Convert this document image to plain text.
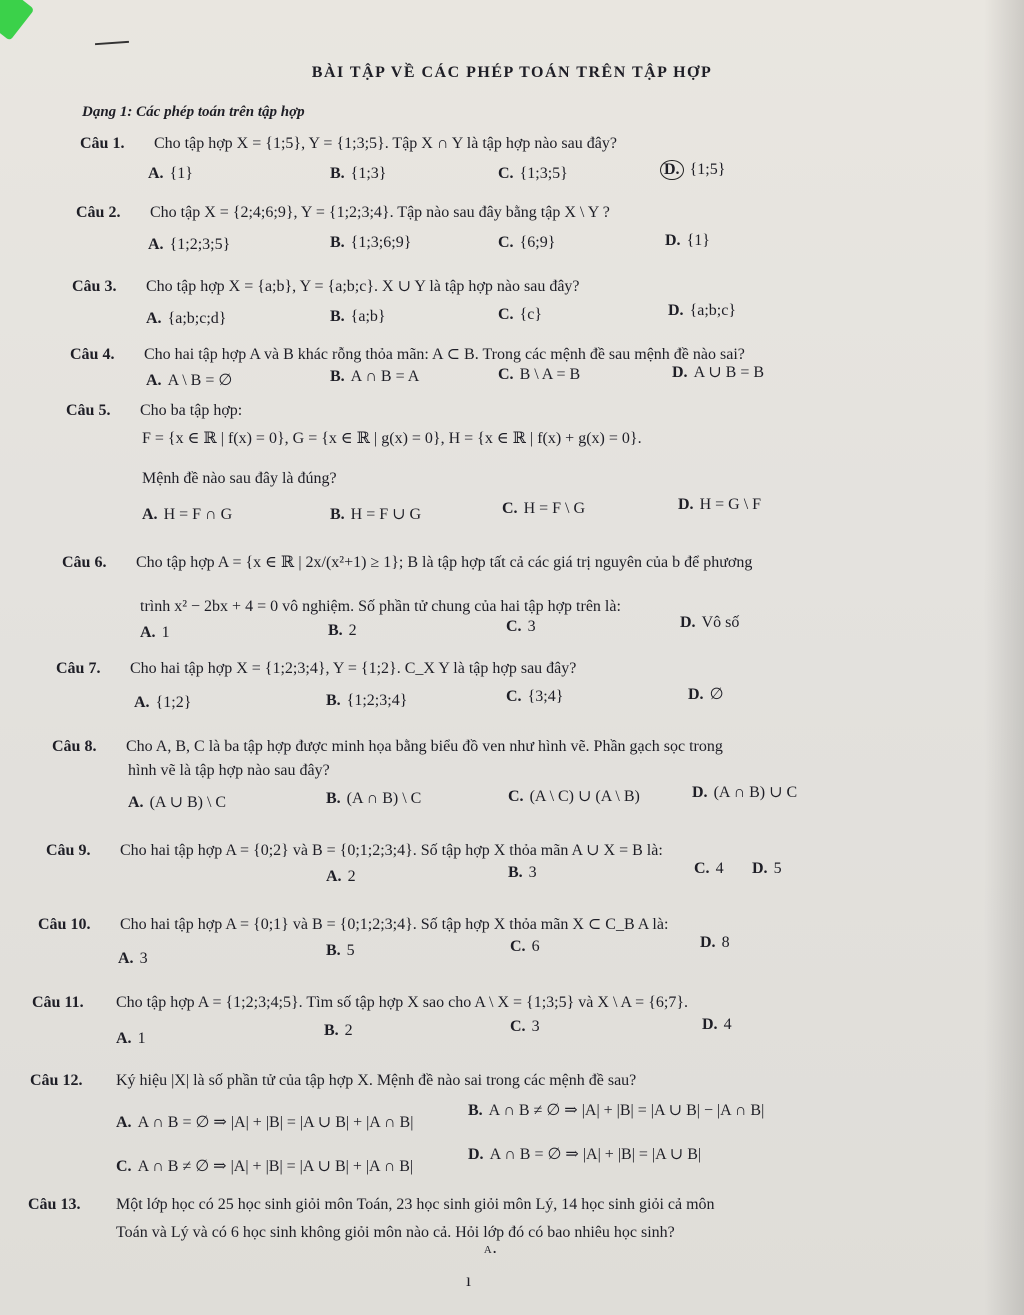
BÀI TẬP VỀ CÁC PHÉP TOÁN TRÊN TẬP HỢP
Dạng 1: Các phép toán trên tập hợp
Câu 1. Cho tập hợp X = {1;5}, Y = {1;3;5}. Tập X ∩ Y là tập hợp nào sau đây?
A. {1}	B. {1;3}	C. {1;3;5}	D. {1;5}
Câu 2. Cho tập X = {2;4;6;9}, Y = {1;2;3;4}. Tập nào sau đây bằng tập X \ Y ?
A. {1;2;3;5}	B. {1;3;6;9}	C. {6;9}	D. {1}
Câu 3. Cho tập hợp X = {a;b}, Y = {a;b;c}. X ∪ Y là tập hợp nào sau đây?
A. {a;b;c;d}	B. {a;b}	C. {c}	D. {a;b;c}
Câu 4. Cho hai tập hợp A và B khác rỗng thỏa mãn: A ⊂ B. Trong các mệnh đề sau mệnh đề nào sai?
A. A \ B = ∅	B. A ∩ B = A	C. B \ A = B	D. A ∪ B = B
Câu 5. Cho ba tập hợp:
F = {x ∈ ℝ | f(x) = 0}, G = {x ∈ ℝ | g(x) = 0}, H = {x ∈ ℝ | f(x) + g(x) = 0}.
Mệnh đề nào sau đây là đúng?
A. H = F ∩ G	B. H = F ∪ G	C. H = F \ G	D. H = G \ F
Câu 6. Cho tập hợp A = {x ∈ ℝ | 2x/(x²+1) ≥ 1}; B là tập hợp tất cả các giá trị nguyên của b để phương
trình x² − 2bx + 4 = 0 vô nghiệm. Số phần tử chung của hai tập hợp trên là:
A. 1	B. 2	C. 3	D. Vô số
Câu 7. Cho hai tập hợp X = {1;2;3;4}, Y = {1;2}. C_X Y là tập hợp sau đây?
A. {1;2}	B. {1;2;3;4}	C. {3;4}	D. ∅
Câu 8. Cho A, B, C là ba tập hợp được minh họa bằng biểu đồ ven như hình vẽ. Phần gạch sọc trong
hình vẽ là tập hợp nào sau đây?
A. (A ∪ B) \ C	B. (A ∩ B) \ C	C. (A \ C) ∪ (A \ B)	D. (A ∩ B) ∪ C
Câu 9. Cho hai tập hợp A = {0;2} và B = {0;1;2;3;4}. Số tập hợp X thỏa mãn A ∪ X = B là:
A. 2	B. 3	C. 4 D. 5
Câu 10. Cho hai tập hợp A = {0;1} và B = {0;1;2;3;4}. Số tập hợp X thỏa mãn X ⊂ C_B A là:
A. 3	B. 5	C. 6	D. 8
Câu 11. Cho tập hợp A = {1;2;3;4;5}. Tìm số tập hợp X sao cho A \ X = {1;3;5} và X \ A = {6;7}.
A. 1	B. 2	C. 3	D. 4
Câu 12. Ký hiệu |X| là số phần tử của tập hợp X. Mệnh đề nào sai trong các mệnh đề sau?
A. A ∩ B = ∅ ⇒ |A| + |B| = |A ∪ B| + |A ∩ B|
B. A ∩ B ≠ ∅ ⇒ |A| + |B| = |A ∪ B| − |A ∩ B|
C. A ∩ B ≠ ∅ ⇒ |A| + |B| = |A ∪ B| + |A ∩ B|
D. A ∩ B = ∅ ⇒ |A| + |B| = |A ∪ B|
Câu 13. Một lớp học có 25 học sinh giỏi môn Toán, 23 học sinh giỏi môn Lý, 14 học sinh giỏi cả môn
Toán và Lý và có 6 học sinh không giỏi môn nào cả. Hỏi lớp đó có bao nhiêu học sinh?
ᴬ·
ı
